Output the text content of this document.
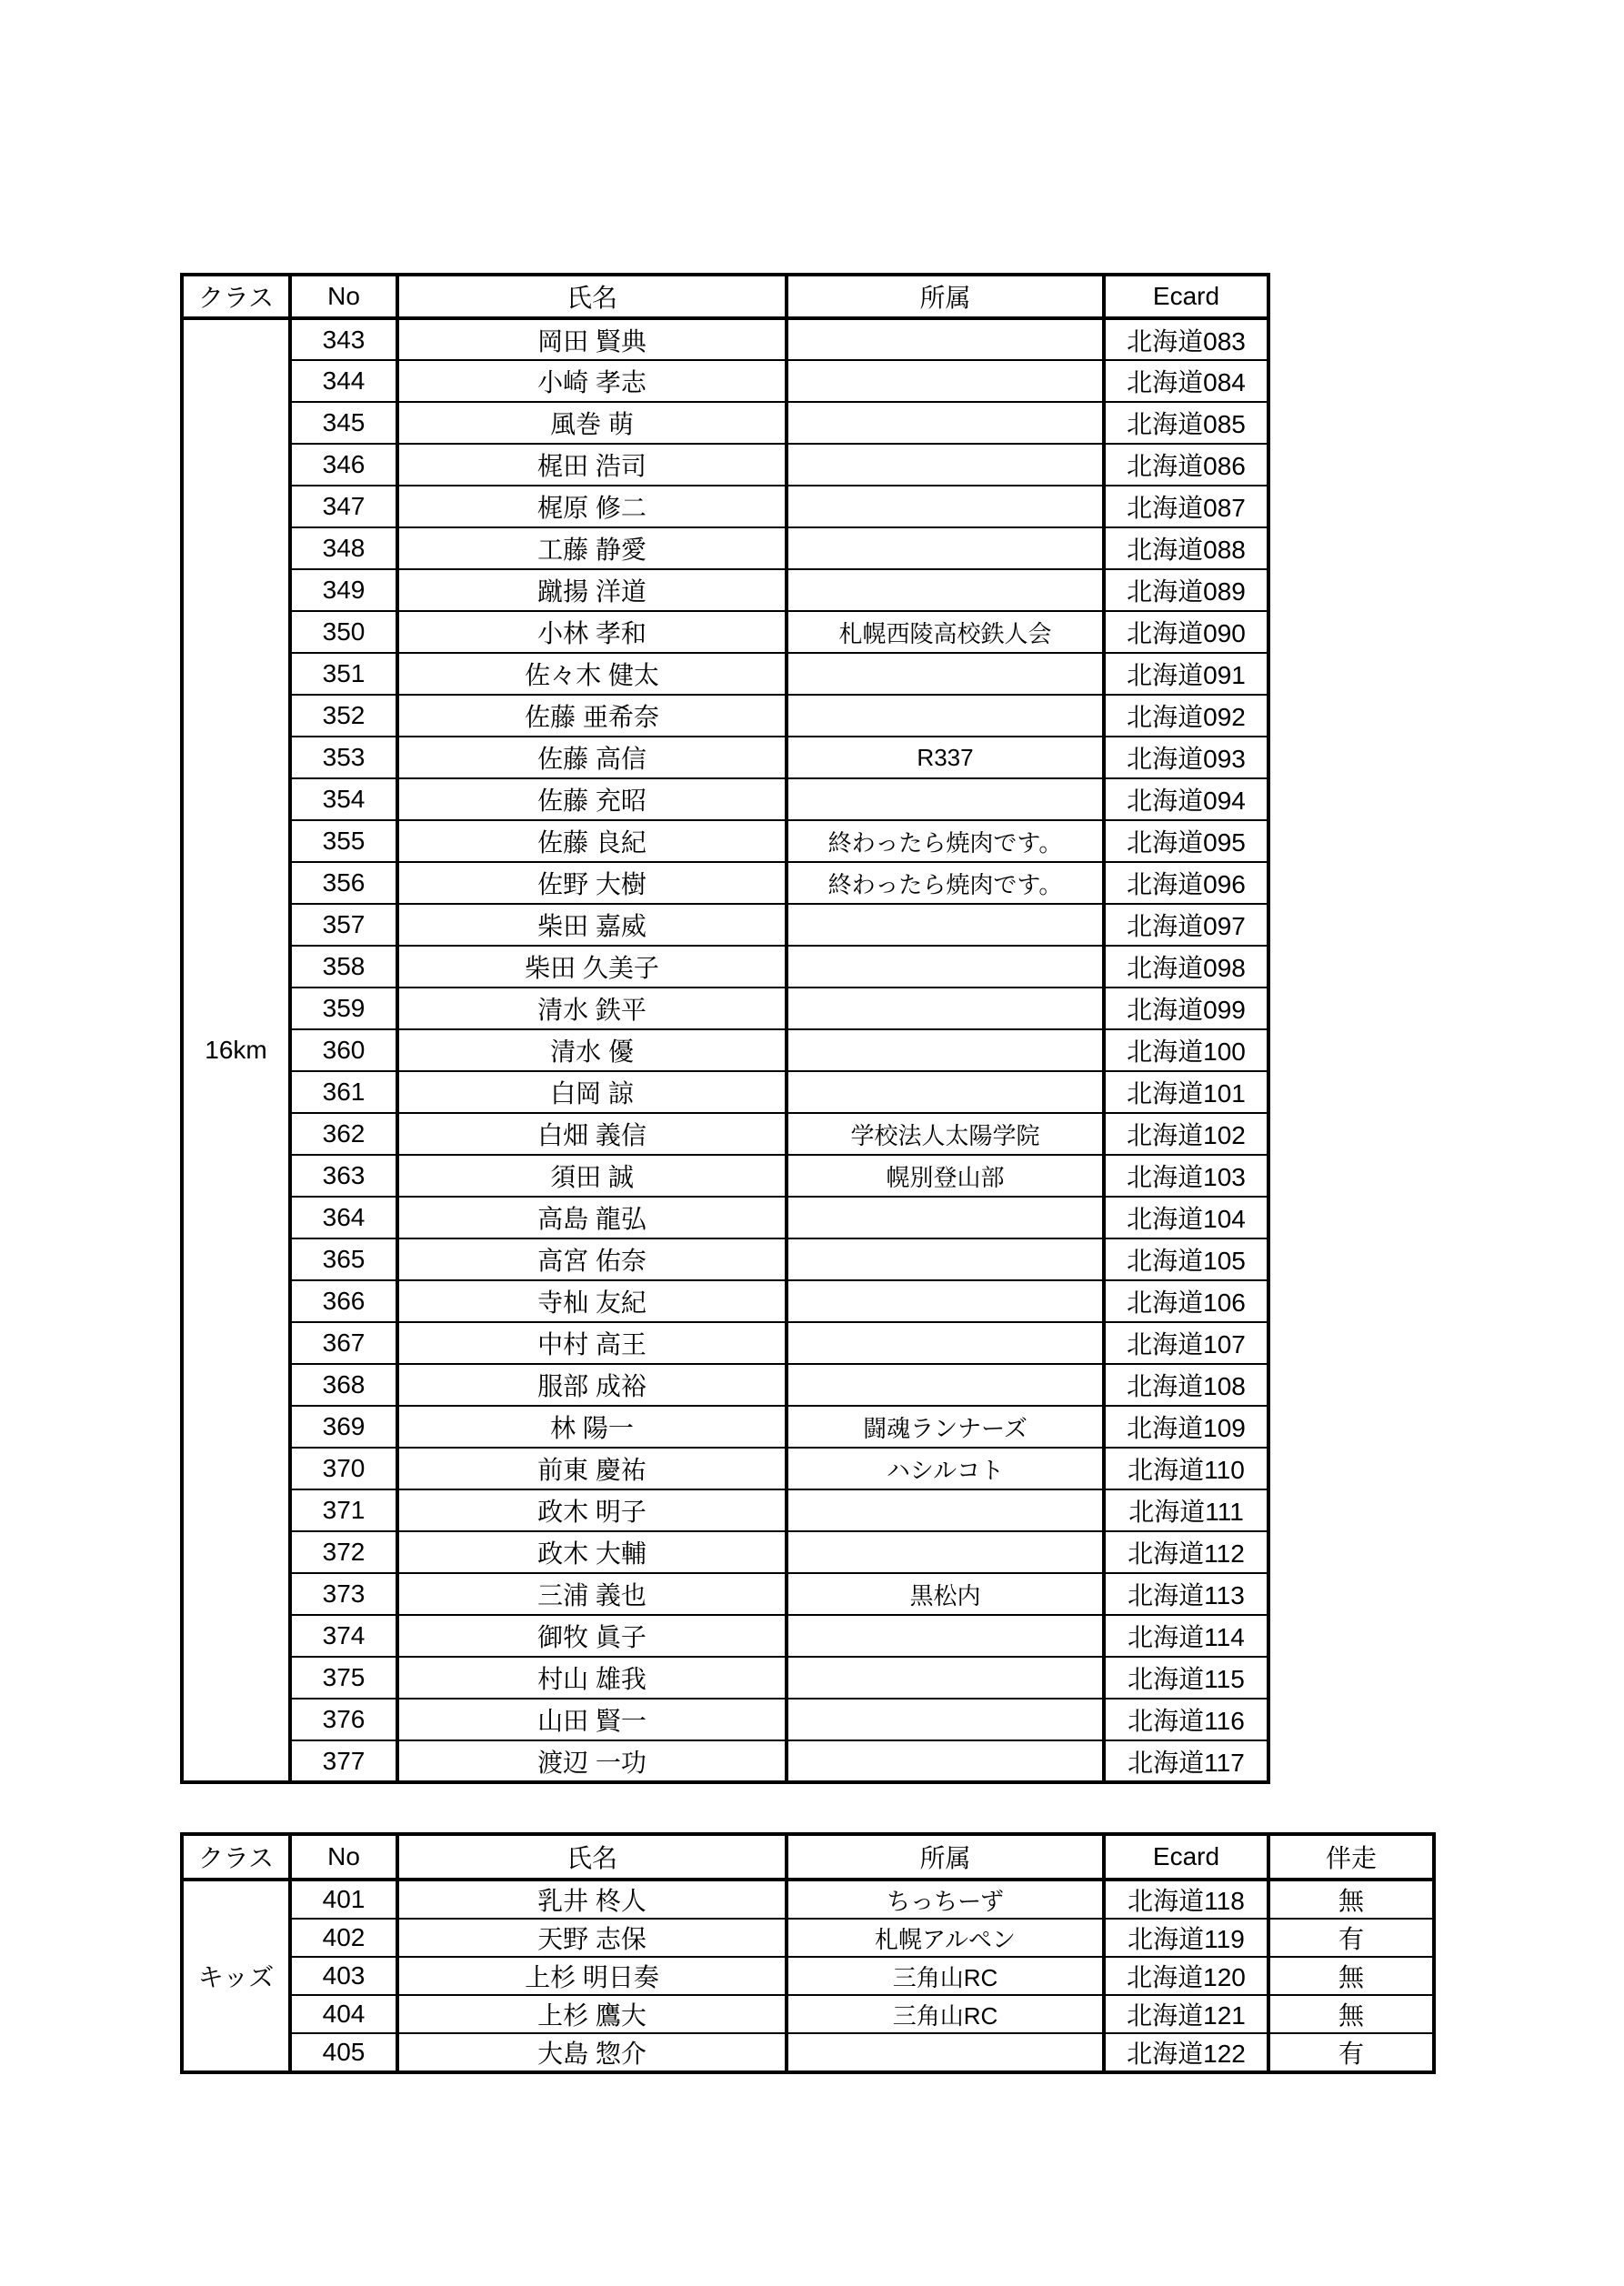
クラス	No	氏名	所属	Ecard
16km	343	岡田 賢典		北海道083
	344	小崎 孝志		北海道084
	345	風巻 萌		北海道085
	346	梶田 浩司		北海道086
	347	梶原 修二		北海道087
	348	工藤 静愛		北海道088
	349	蹴揚 洋道		北海道089
	350	小林 孝和	札幌西陵高校鉄人会	北海道090
	351	佐々木 健太		北海道091
	352	佐藤 亜希奈		北海道092
	353	佐藤 高信	R337	北海道093
	354	佐藤 充昭		北海道094
	355	佐藤 良紀	終わったら焼肉です。	北海道095
	356	佐野 大樹	終わったら焼肉です。	北海道096
	357	柴田 嘉威		北海道097
	358	柴田 久美子		北海道098
	359	清水 鉄平		北海道099
	360	清水 優		北海道100
	361	白岡 諒		北海道101
	362	白畑 義信	学校法人太陽学院	北海道102
	363	須田 誠	幌別登山部	北海道103
	364	高島 龍弘		北海道104
	365	高宮 佑奈		北海道105
	366	寺杣 友紀		北海道106
	367	中村 高王		北海道107
	368	服部 成裕		北海道108
	369	林 陽一	闘魂ランナーズ	北海道109
	370	前東 慶祐	ハシルコト	北海道110
	371	政木 明子		北海道111
	372	政木 大輔		北海道112
	373	三浦 義也	黒松内	北海道113
	374	御牧 眞子		北海道114
	375	村山 雄我		北海道115
	376	山田 賢一		北海道116
	377	渡辺 一功		北海道117
クラス	No	氏名	所属	Ecard	伴走
キッズ	401	乳井 柊人	ちっちーず	北海道118	無
	402	天野 志保	札幌アルペン	北海道119	有
	403	上杉 明日奏	三角山RC	北海道120	無
	404	上杉 鷹大	三角山RC	北海道121	無
	405	大島 惣介		北海道122	有
